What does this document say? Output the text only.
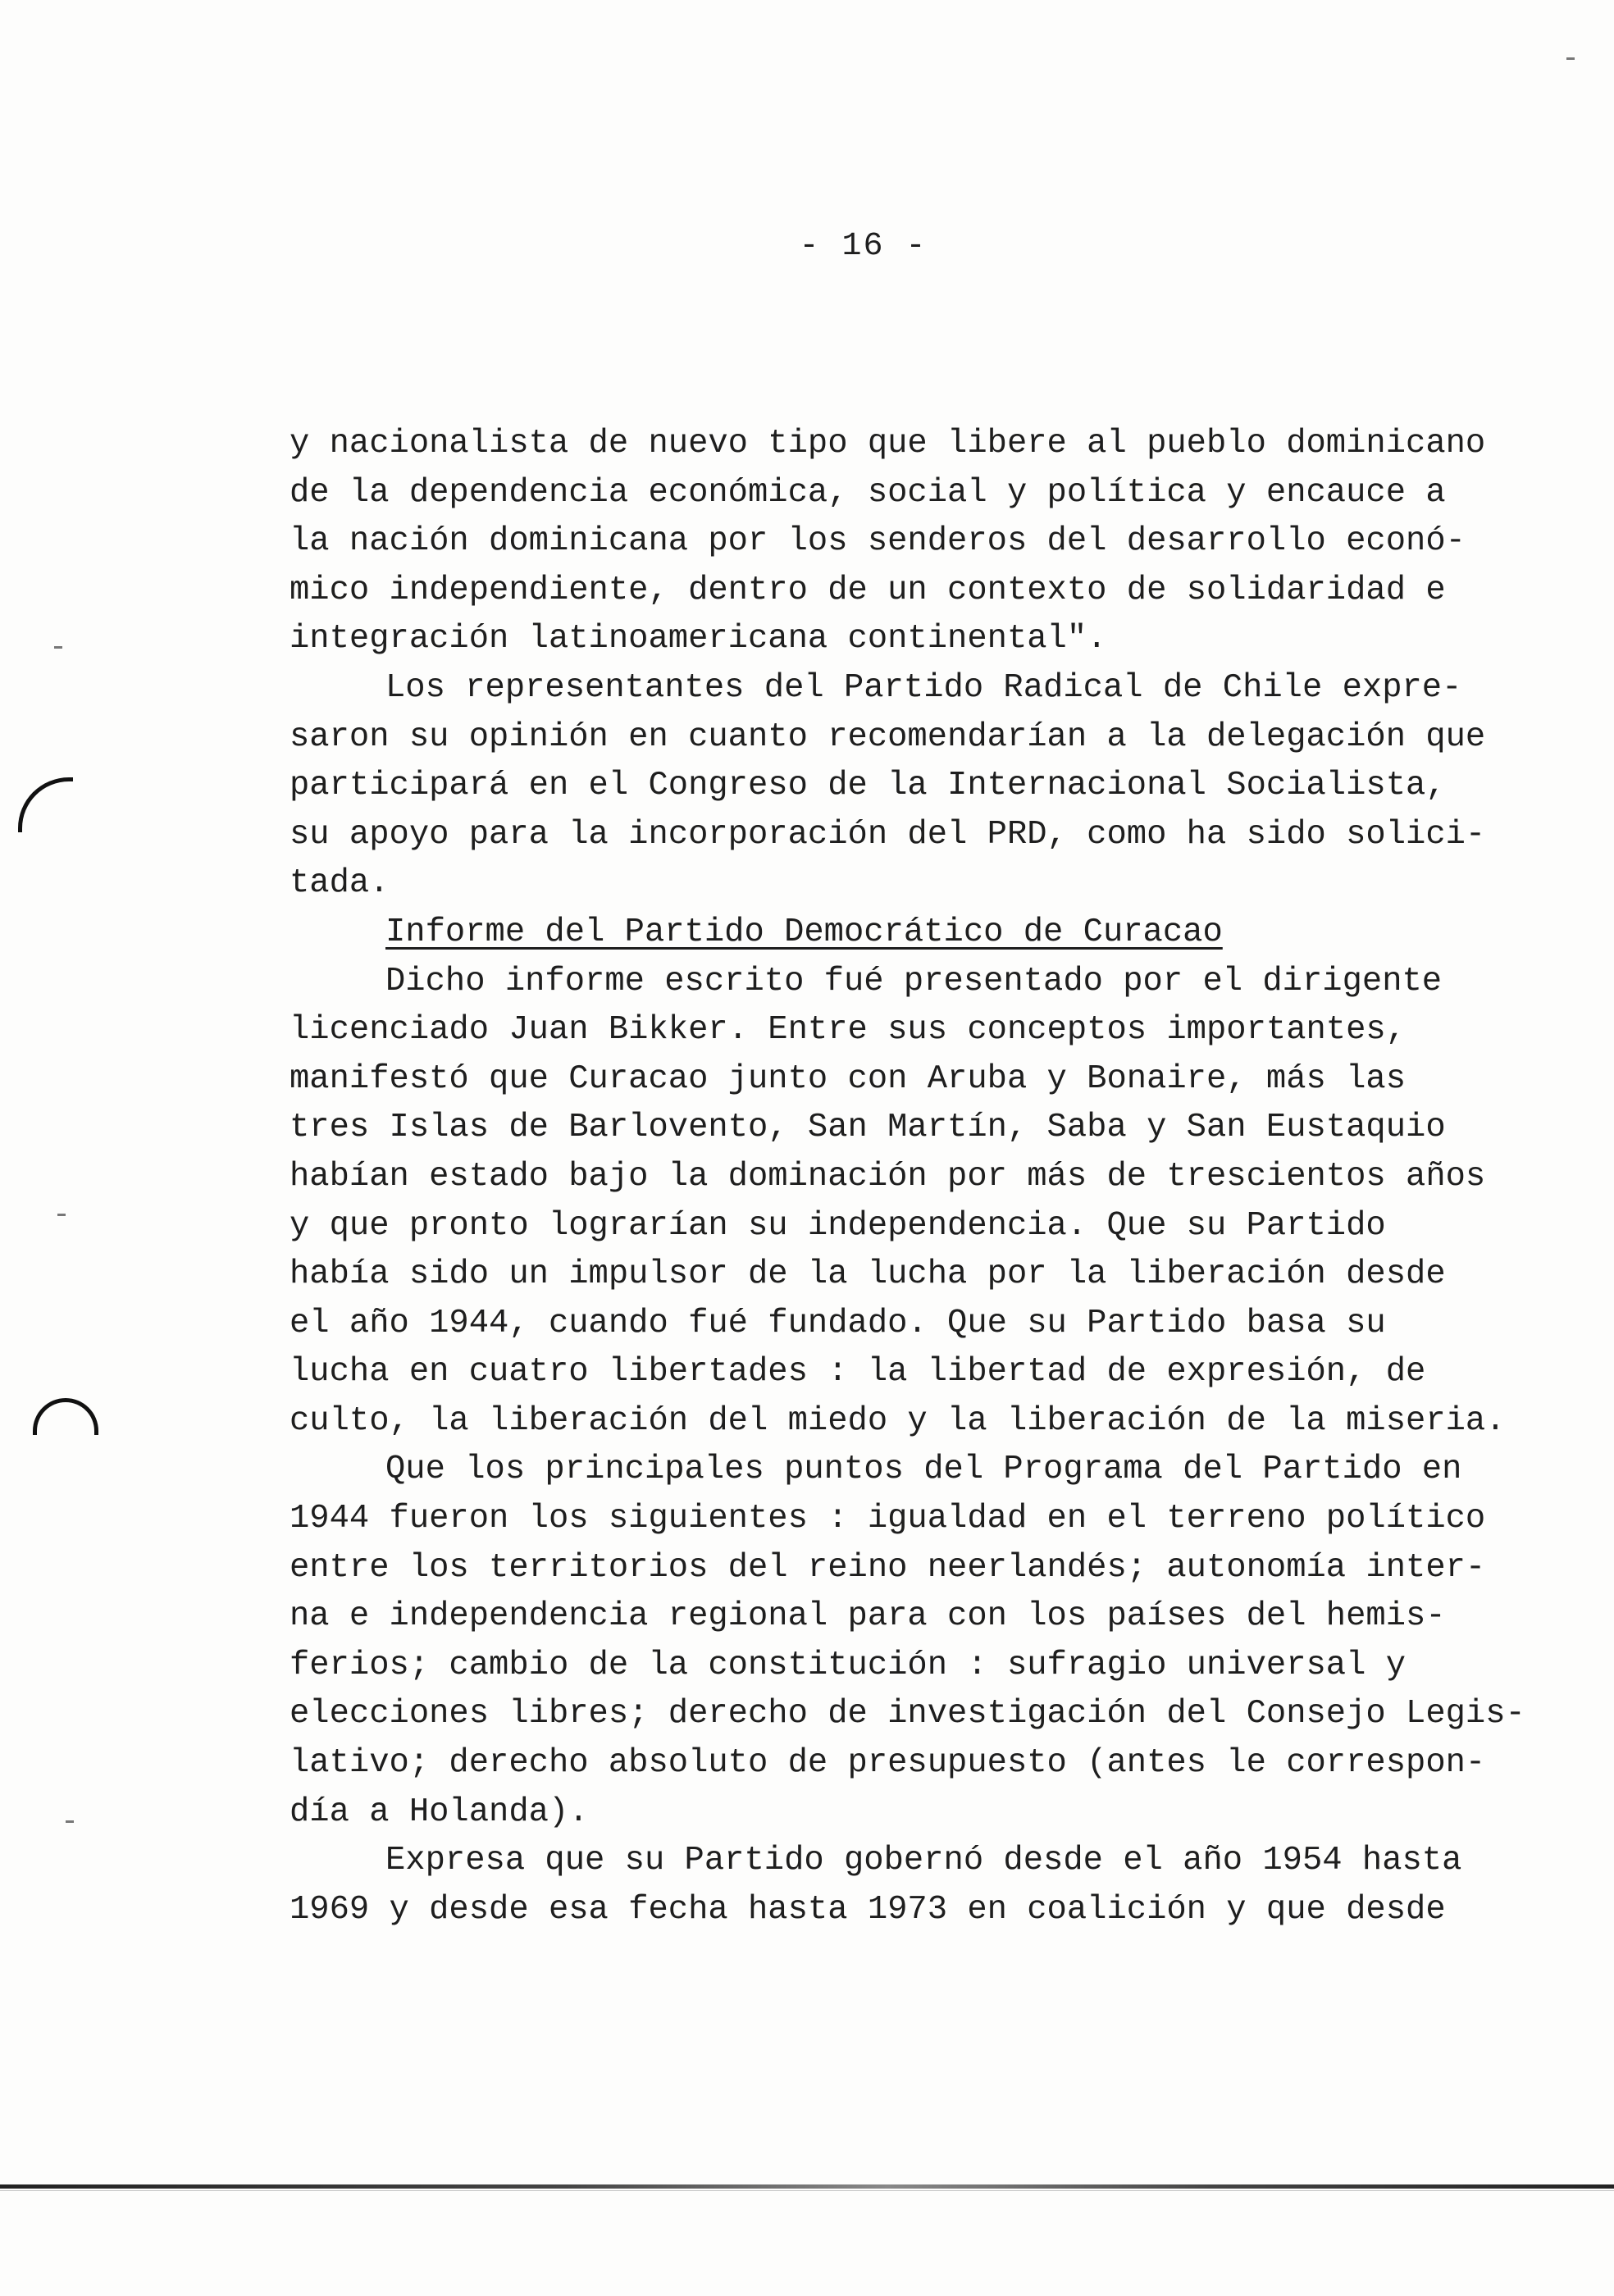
- 16 -
y nacionalista de nuevo tipo que libere al pueblo dominicano
de la dependencia económica, social y política y encauce a
la nación dominicana por los senderos del desarrollo econó-
mico independiente, dentro de un contexto de solidaridad e
integración latinoamericana continental".
Los representantes del Partido Radical de Chile expre-
saron su opinión en cuanto recomendarían a la delegación que
participará en el Congreso de la Internacional Socialista,
su apoyo para la incorporación del PRD, como ha sido solici-
tada.
Informe del Partido Democrático de Curacao
Dicho informe escrito fué presentado por el dirigente
licenciado Juan Bikker. Entre sus conceptos importantes,
manifestó que Curacao junto con Aruba y Bonaire, más las
tres Islas de Barlovento, San Martín, Saba y San Eustaquio
habían estado bajo la dominación por más de trescientos años
y que pronto lograrían su independencia. Que su Partido
había sido un impulsor de la lucha por la liberación desde
el año 1944, cuando fué fundado. Que su Partido basa su
lucha en cuatro libertades : la libertad de expresión, de
culto, la liberación del miedo y la liberación de la miseria.
Que los principales puntos del Programa del Partido en
1944 fueron los siguientes : igualdad en el terreno político
entre los territorios del reino neerlandés; autonomía inter-
na e independencia regional para con los países del hemis-
ferios; cambio de la constitución : sufragio universal y
elecciones libres; derecho de investigación del Consejo Legis-
lativo; derecho absoluto de presupuesto (antes le correspon-
día a Holanda).
Expresa que su Partido gobernó desde el año 1954 hasta
1969 y desde esa fecha hasta 1973 en coalición y que desde
